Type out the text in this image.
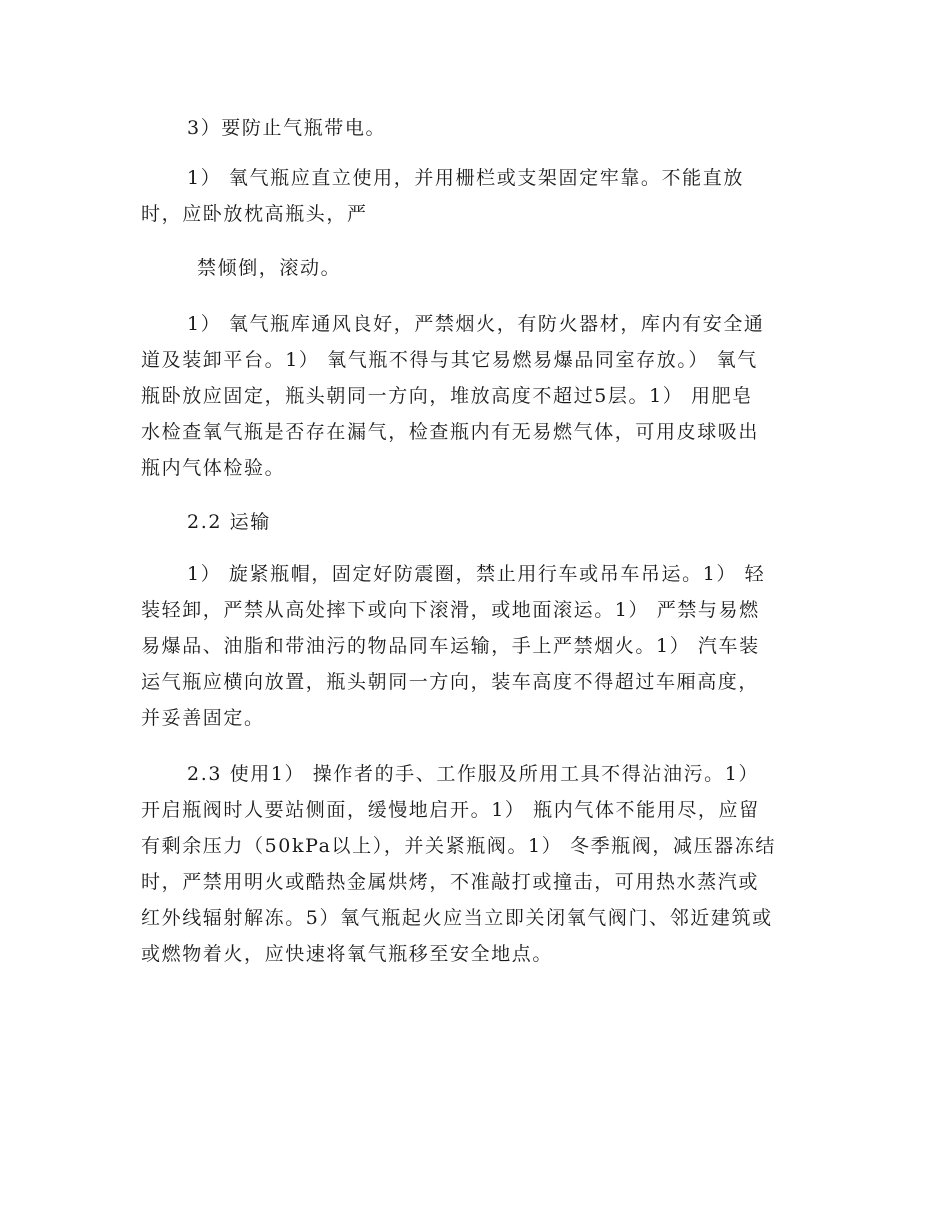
3）要防止气瓶带电。

1） 氧气瓶应直立使用，并用栅栏或支架固定牢靠。不能直放
时，应卧放枕高瓶头，严

禁倾倒，滚动。

1） 氧气瓶库通风良好，严禁烟火，有防火器材，库内有安全通
道及装卸平台。1） 氧气瓶不得与其它易燃易爆品同室存放。） 氧气
瓶卧放应固定，瓶头朝同一方向，堆放高度不超过5层。1） 用肥皂
水检查氧气瓶是否存在漏气，检查瓶内有无易燃气体，可用皮球吸出
瓶内气体检验。

2.2 运输

1） 旋紧瓶帽，固定好防震圈，禁止用行车或吊车吊运。1） 轻
装轻卸，严禁从高处摔下或向下滚滑，或地面滚运。1） 严禁与易燃
易爆品、油脂和带油污的物品同车运输，手上严禁烟火。1） 汽车装
运气瓶应横向放置，瓶头朝同一方向，装车高度不得超过车厢高度，
并妥善固定。

2.3 使用1） 操作者的手、工作服及所用工具不得沾油污。1）
开启瓶阀时人要站侧面，缓慢地启开。1） 瓶内气体不能用尽，应留
有剩余压力（50kPa以上），并关紧瓶阀。1） 冬季瓶阀，减压器冻结
时，严禁用明火或酷热金属烘烤，不准敲打或撞击，可用热水蒸汽或
红外线辐射解冻。5）氧气瓶起火应当立即关闭氧气阀门、邻近建筑或
或燃物着火，应快速将氧气瓶移至安全地点。
